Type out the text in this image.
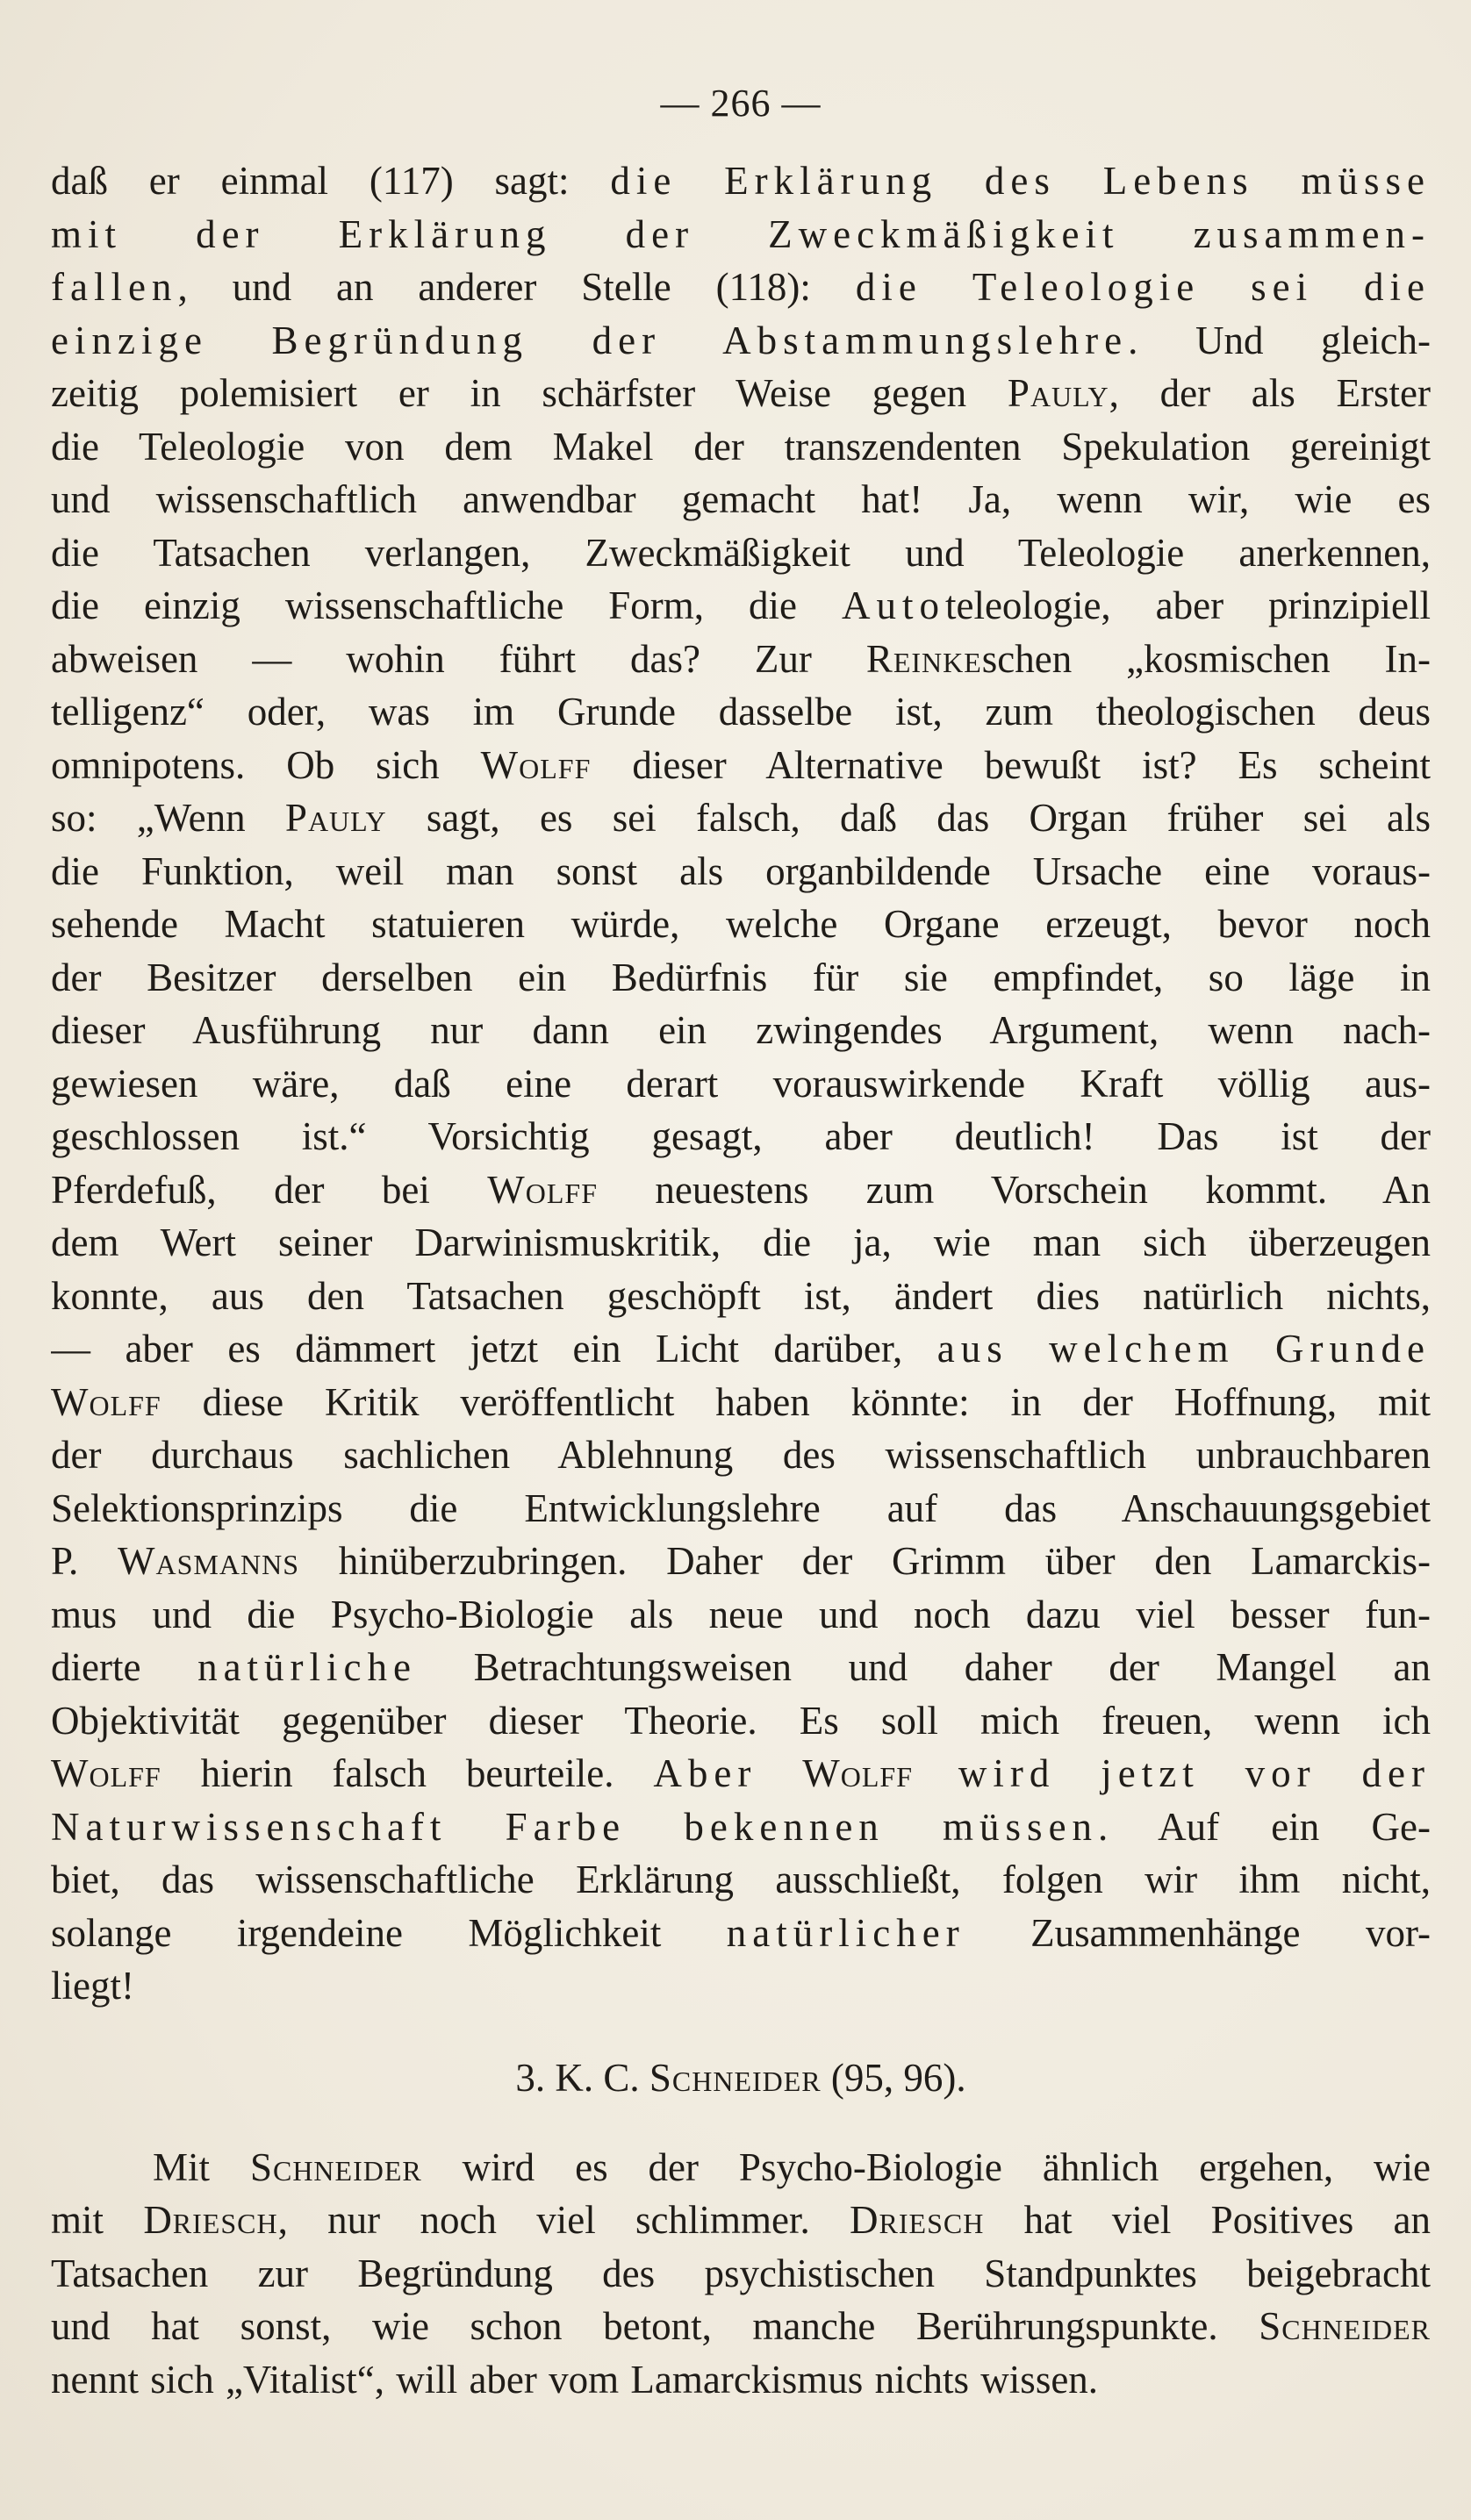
— 266 —
daß er einmal (117) sagt: die Erklärung des Lebens müsse
mit der Erklärung der Zweckmäßigkeit zusammen-
fallen, und an anderer Stelle (118): die Teleologie sei die
einzige Begründung der Abstammungslehre. Und gleich-
zeitig polemisiert er in schärfster Weise gegen Pauly, der als Erster
die Teleologie von dem Makel der transzendenten Spekulation gereinigt
und wissenschaftlich anwendbar gemacht hat! Ja, wenn wir, wie es
die Tatsachen verlangen, Zweckmäßigkeit und Teleologie anerkennen,
die einzig wissenschaftliche Form, die Autoteleologie, aber prinzipiell
abweisen — wohin führt das? Zur Reinkeschen „kosmischen In-
telligenz“ oder, was im Grunde dasselbe ist, zum theologischen deus
omnipotens. Ob sich Wolff dieser Alternative bewußt ist? Es scheint
so: „Wenn Pauly sagt, es sei falsch, daß das Organ früher sei als
die Funktion, weil man sonst als organbildende Ursache eine voraus-
sehende Macht statuieren würde, welche Organe erzeugt, bevor noch
der Besitzer derselben ein Bedürfnis für sie empfindet, so läge in
dieser Ausführung nur dann ein zwingendes Argument, wenn nach-
gewiesen wäre, daß eine derart vorauswirkende Kraft völlig aus-
geschlossen ist.“ Vorsichtig gesagt, aber deutlich! Das ist der
Pferdefuß, der bei Wolff neuestens zum Vorschein kommt. An
dem Wert seiner Darwinismuskritik, die ja, wie man sich überzeugen
konnte, aus den Tatsachen geschöpft ist, ändert dies natürlich nichts,
— aber es dämmert jetzt ein Licht darüber, aus welchem Grunde
Wolff diese Kritik veröffentlicht haben könnte: in der Hoffnung, mit
der durchaus sachlichen Ablehnung des wissenschaftlich unbrauchbaren
Selektionsprinzips die Entwicklungslehre auf das Anschauungsgebiet
P. Wasmanns hinüberzubringen. Daher der Grimm über den Lamarckis-
mus und die Psycho-Biologie als neue und noch dazu viel besser fun-
dierte natürliche Betrachtungsweisen und daher der Mangel an
Objektivität gegenüber dieser Theorie. Es soll mich freuen, wenn ich
Wolff hierin falsch beurteile. Aber Wolff wird jetzt vor der
Naturwissenschaft Farbe bekennen müssen. Auf ein Ge-
biet, das wissenschaftliche Erklärung ausschließt, folgen wir ihm nicht,
solange irgendeine Möglichkeit natürlicher Zusammenhänge vor-
liegt!
3. K. C. Schneider (95, 96).
Mit Schneider wird es der Psycho-Biologie ähnlich ergehen, wie
mit Driesch, nur noch viel schlimmer. Driesch hat viel Positives an
Tatsachen zur Begründung des psychistischen Standpunktes beigebracht
und hat sonst, wie schon betont, manche Berührungspunkte. Schneider
nennt sich „Vitalist“, will aber vom Lamarckismus nichts wissen.
